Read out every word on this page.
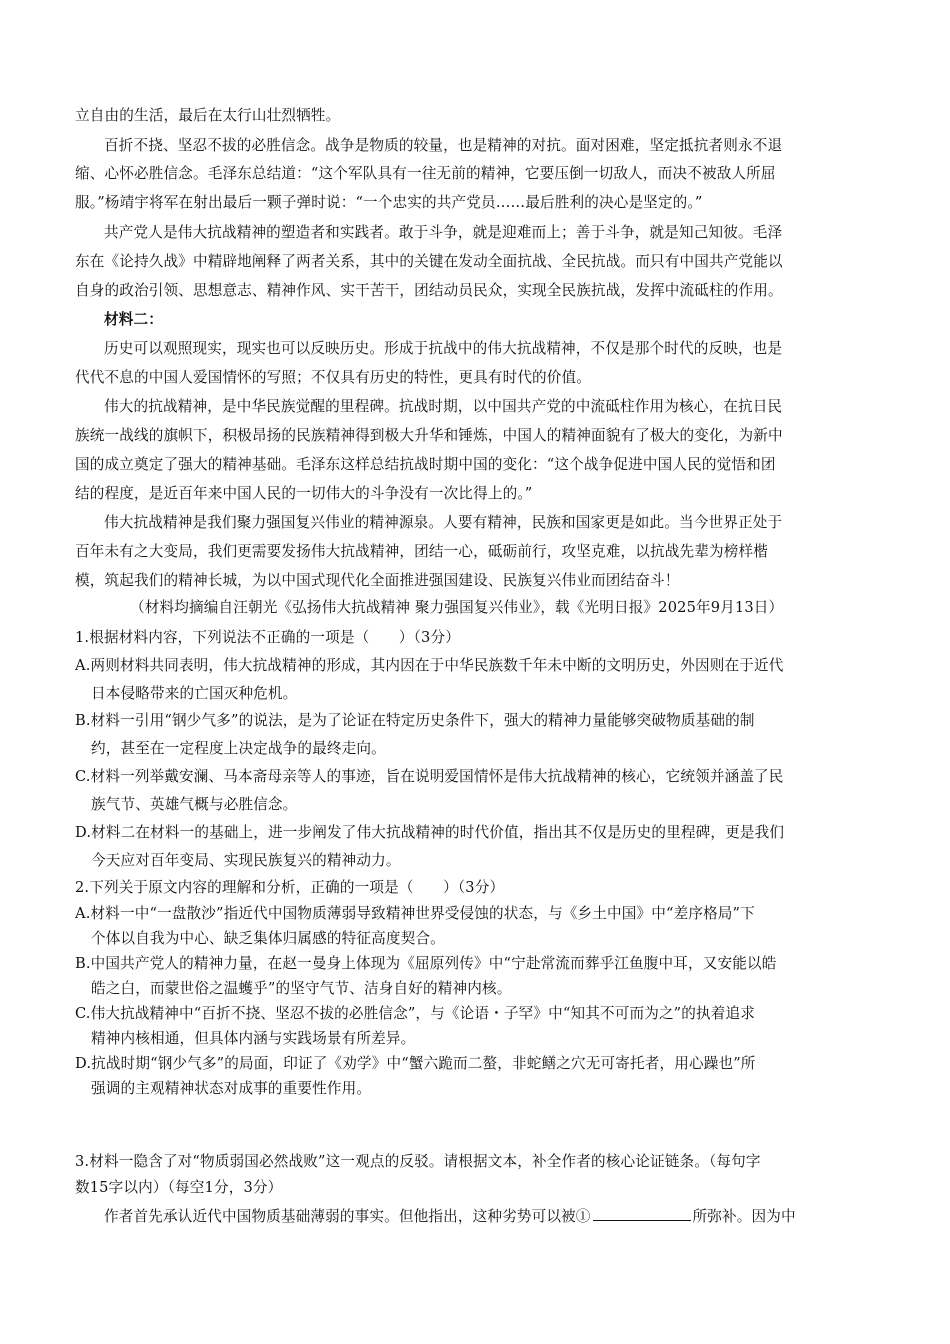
立自由的生活，最后在太行山壮烈牺牲。
百折不挠、坚忍不拔的必胜信念。战争是物质的较量，也是精神的对抗。面对困难，坚定抵抗者则永不退
缩、心怀必胜信念。毛泽东总结道：“这个军队具有一往无前的精神，它要压倒一切敌人，而决不被敌人所屈
服。”杨靖宇将军在射出最后一颗子弹时说：“一个忠实的共产党员……最后胜利的决心是坚定的。”
共产党人是伟大抗战精神的塑造者和实践者。敢于斗争，就是迎难而上；善于斗争，就是知己知彼。毛泽
东在《论持久战》中精辟地阐释了两者关系，其中的关键在发动全面抗战、全民抗战。而只有中国共产党能以
自身的政治引领、思想意志、精神作风、实干苦干，团结动员民众，实现全民族抗战，发挥中流砥柱的作用。
材料二：
历史可以观照现实，现实也可以反映历史。形成于抗战中的伟大抗战精神，不仅是那个时代的反映，也是
代代不息的中国人爱国情怀的写照；不仅具有历史的特性，更具有时代的价值。
伟大的抗战精神，是中华民族觉醒的里程碑。抗战时期，以中国共产党的中流砥柱作用为核心，在抗日民
族统一战线的旗帜下，积极昂扬的民族精神得到极大升华和锤炼，中国人的精神面貌有了极大的变化，为新中
国的成立奠定了强大的精神基础。毛泽东这样总结抗战时期中国的变化：“这个战争促进中国人民的觉悟和团
结的程度，是近百年来中国人民的一切伟大的斗争没有一次比得上的。”
伟大抗战精神是我们聚力强国复兴伟业的精神源泉。人要有精神，民族和国家更是如此。当今世界正处于
百年未有之大变局，我们更需要发扬伟大抗战精神，团结一心，砥砺前行，攻坚克难，以抗战先辈为榜样楷
模，筑起我们的精神长城，为以中国式现代化全面推进强国建设、民族复兴伟业而团结奋斗！
（材料均摘编自汪朝光《弘扬伟大抗战精神 聚力强国复兴伟业》，载《光明日报》2025年9月13日）
1.根据材料内容，下列说法不正确的一项是（　　）（3分）
A.两则材料共同表明，伟大抗战精神的形成，其内因在于中华民族数千年未中断的文明历史，外因则在于近代
日本侵略带来的亡国灭种危机。
B.材料一引用“钢少气多”的说法，是为了论证在特定历史条件下，强大的精神力量能够突破物质基础的制
约，甚至在一定程度上决定战争的最终走向。
C.材料一列举戴安澜、马本斋母亲等人的事迹，旨在说明爱国情怀是伟大抗战精神的核心，它统领并涵盖了民
族气节、英雄气概与必胜信念。
D.材料二在材料一的基础上，进一步阐发了伟大抗战精神的时代价值，指出其不仅是历史的里程碑，更是我们
今天应对百年变局、实现民族复兴的精神动力。
2.下列关于原文内容的理解和分析，正确的一项是（　　）（3分）
A.材料一中“一盘散沙”指近代中国物质薄弱导致精神世界受侵蚀的状态，与《乡土中国》中“差序格局”下
个体以自我为中心、缺乏集体归属感的特征高度契合。
B.中国共产党人的精神力量，在赵一曼身上体现为《屈原列传》中“宁赴常流而葬乎江鱼腹中耳，又安能以皓
皓之白，而蒙世俗之温蠖乎”的坚守气节、洁身自好的精神内核。
C.伟大抗战精神中“百折不挠、坚忍不拔的必胜信念”，与《论语・子罕》中“知其不可而为之”的执着追求
精神内核相通，但具体内涵与实践场景有所差异。
D.抗战时期“钢少气多”的局面，印证了《劝学》中“蟹六跪而二螯，非蛇鳝之穴无可寄托者，用心躁也”所
强调的主观精神状态对成事的重要性作用。
3.材料一隐含了对“物质弱国必然战败”这一观点的反驳。请根据文本，补全作者的核心论证链条。（每句字
数15字以内）（每空1分，3分）
作者首先承认近代中国物质基础薄弱的事实。但他指出，这种劣势可以被①	所弥补。因为中
